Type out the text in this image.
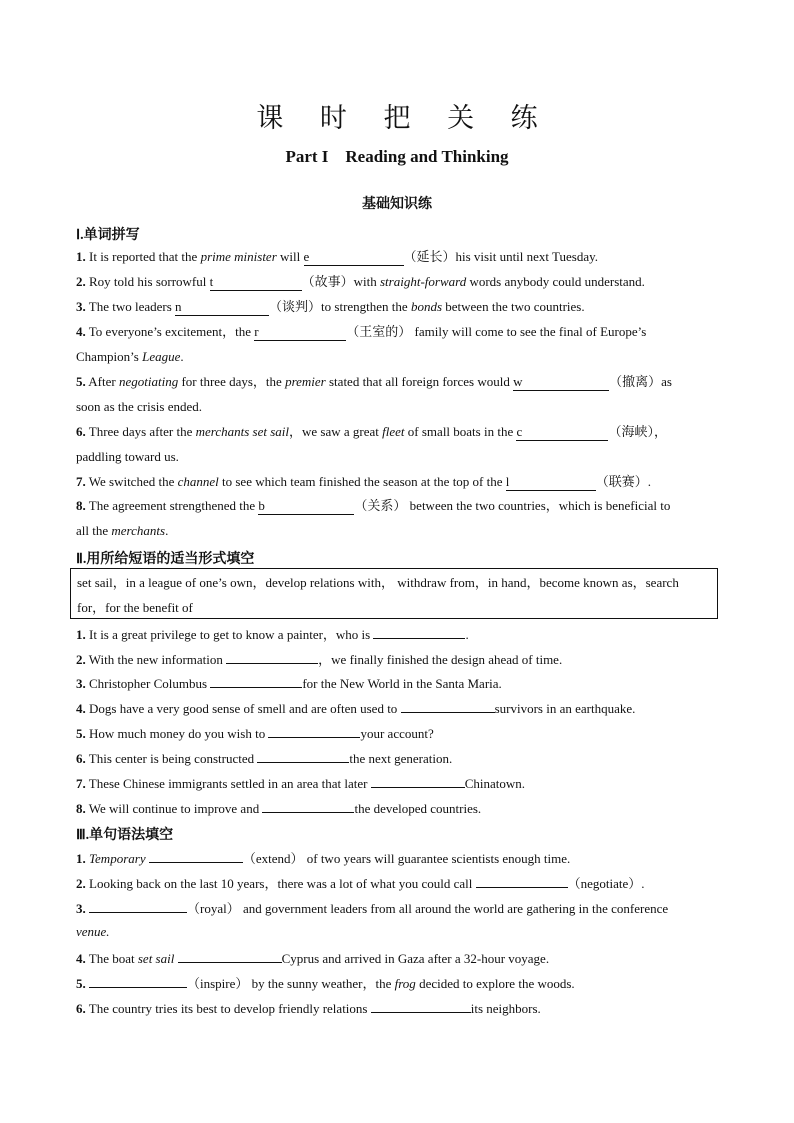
课 时 把 关 练
Part I    Reading and Thinking
基础知识练
Ⅰ.单词拼写
1. It is reported that the prime minister will e	（延长）his visit until next Tuesday.
2. Roy told his sorrowful t	（故事）with straight-forward words anybody could understand.
3. The two leaders n	（谈判）to strengthen the bonds between the two countries.
4. To everyone’s excitement，the r	（王室的） family will come to see the final of Europe’s
Champion’s League.
5. After negotiating for three days，the premier stated that all foreign forces would w	（撤离）as
soon as the crisis ended.
6. Three days after the merchants set sail，we saw a great fleet of small boats in the c	（海峡），
paddling toward us.
7. We switched the channel to see which team finished the season at the top of the l	（联赛）.
8. The agreement strengthened the b	（关系） between the two countries，which is beneficial to
all the merchants.
Ⅱ.用所给短语的适当形式填空
set sail，in a league of one’s own，develop relations with， withdraw from，in hand，become known as，search
for，for the benefit of
1. It is a great privilege to get to know a painter，who is	.
2. With the new information	，we finally finished the design ahead of time.
3. Christopher Columbus	for the New World in the Santa Maria.
4. Dogs have a very good sense of smell and are often used to	survivors in an earthquake.
5. How much money do you wish to	your account?
6. This center is being constructed	the next generation.
7. These Chinese immigrants settled in an area that later	Chinatown.
8. We will continue to improve and	the developed countries.
Ⅲ.单句语法填空
1. Temporary	（extend） of two years will guarantee scientists enough time.
2. Looking back on the last 10 years，there was a lot of what you could call	（negotiate）.
3.	（royal） and government leaders from all around the world are gathering in the conference
venue.
4. The boat set sail	Cyprus and arrived in Gaza after a 32-hour voyage.
5.	（inspire） by the sunny weather，the frog decided to explore the woods.
6. The country tries its best to develop friendly relations	its neighbors.
